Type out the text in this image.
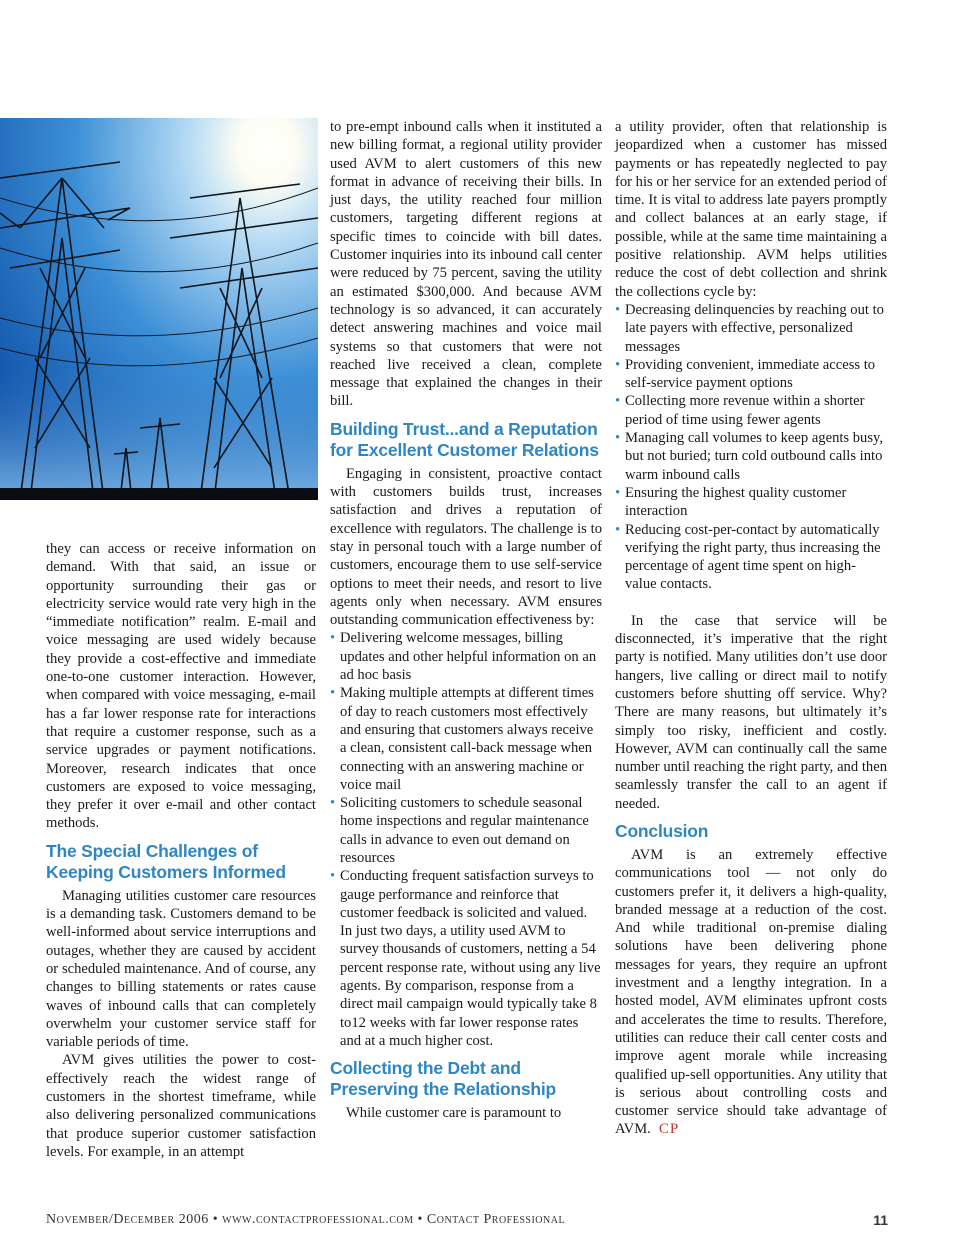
they can access or receive information on demand. With that said, an issue or opportunity surrounding their gas or electricity service would rate very high in the “immediate notification” realm. E-mail and voice messaging are used widely because they provide a cost-effective and immediate one-to-one customer interaction. However, when compared with voice messaging, e-mail has a far lower response rate for interactions that require a customer response, such as a service upgrades or payment notifications. Moreover, research indicates that once customers are exposed to voice messaging, they prefer it over e-mail and other contact methods.

The Special Challenges of Keeping Customers Informed

Managing utilities customer care resources is a demanding task. Customers demand to be well-informed about service interruptions and outages, whether they are caused by accident or scheduled maintenance. And of course, any changes to billing statements or rates cause waves of inbound calls that can completely overwhelm your customer service staff for variable periods of time.

AVM gives utilities the power to cost-effectively reach the widest range of customers in the shortest timeframe, while also delivering personalized communications that produce superior customer satisfaction levels. For example, in an attempt

to pre-empt inbound calls when it instituted a new billing format, a regional utility provider used AVM to alert customers of this new format in advance of receiving their bills. In just days, the utility reached four million customers, targeting different regions at specific times to coincide with bill dates. Customer inquiries into its inbound call center were reduced by 75 percent, saving the utility an estimated $300,000. And because AVM technology is so advanced, it can accurately detect answering machines and voice mail systems so that customers that were not reached live received a clean, complete message that explained the changes in their bill.

Building Trust...and a Reputation for Excellent Customer Relations

Engaging in consistent, proactive contact with customers builds trust, increases satisfaction and drives a reputation of excellence with regulators. The challenge is to stay in personal touch with a large number of customers, encourage them to use self-service options to meet their needs, and resort to live agents only when necessary. AVM ensures outstanding communication effectiveness by:

• Delivering welcome messages, billing updates and other helpful information on an ad hoc basis
• Making multiple attempts at different times of day to reach customers most effectively and ensuring that customers always receive a clean, consistent call-back message when connecting with an answering machine or voice mail
• Soliciting customers to schedule seasonal home inspections and regular maintenance calls in advance to even out demand on resources
• Conducting frequent satisfaction surveys to gauge performance and reinforce that customer feedback is solicited and valued. In just two days, a utility used AVM to survey thousands of customers, netting a 54 percent response rate, without using any live agents. By comparison, response from a direct mail campaign would typically take 8 to12 weeks with far lower response rates and at a much higher cost.
Collecting the Debt and Preserving the Relationship

While customer care is paramount to

a utility provider, often that relationship is jeopardized when a customer has missed payments or has repeatedly neglected to pay for his or her service for an extended period of time. It is vital to address late payers promptly and collect balances at an early stage, if possible, while at the same time maintaining a positive relationship. AVM helps utilities reduce the cost of debt collection and shrink the collections cycle by:

• Decreasing delinquencies by reaching out to late payers with effective, personalized messages
• Providing convenient, immediate access to self-service payment options
• Collecting more revenue within a shorter period of time using fewer agents
• Managing call volumes to keep agents busy, but not buried; turn cold outbound calls into warm inbound calls
• Ensuring the highest quality customer interaction
• Reducing cost-per-contact by automatically verifying the right party, thus increasing the percentage of agent time spent on high-value contacts.

In the case that service will be disconnected, it’s imperative that the right party is notified. Many utilities don’t use door hangers, live calling or direct mail to notify customers before shutting off service. Why? There are many reasons, but ultimately it’s simply too risky, inefficient and costly. However, AVM can continually call the same number until reaching the right party, and then seamlessly transfer the call to an agent if needed.

Conclusion

AVM is an extremely effective communications tool — not only do customers prefer it, it delivers a high-quality, branded message at a reduction of the cost. And while traditional on-premise dialing solutions have been delivering phone messages for years, they require an upfront investment and a lengthy integration. In a hosted model, AVM eliminates upfront costs and accelerates the time to results. Therefore, utilities can reduce their call center costs and improve agent morale while increasing qualified up-sell opportunities. Any utility that is serious about controlling costs and customer service should take advantage of AVM. CP

November/December 2006 • www.contactprofessional.com • Contact Professional	11
